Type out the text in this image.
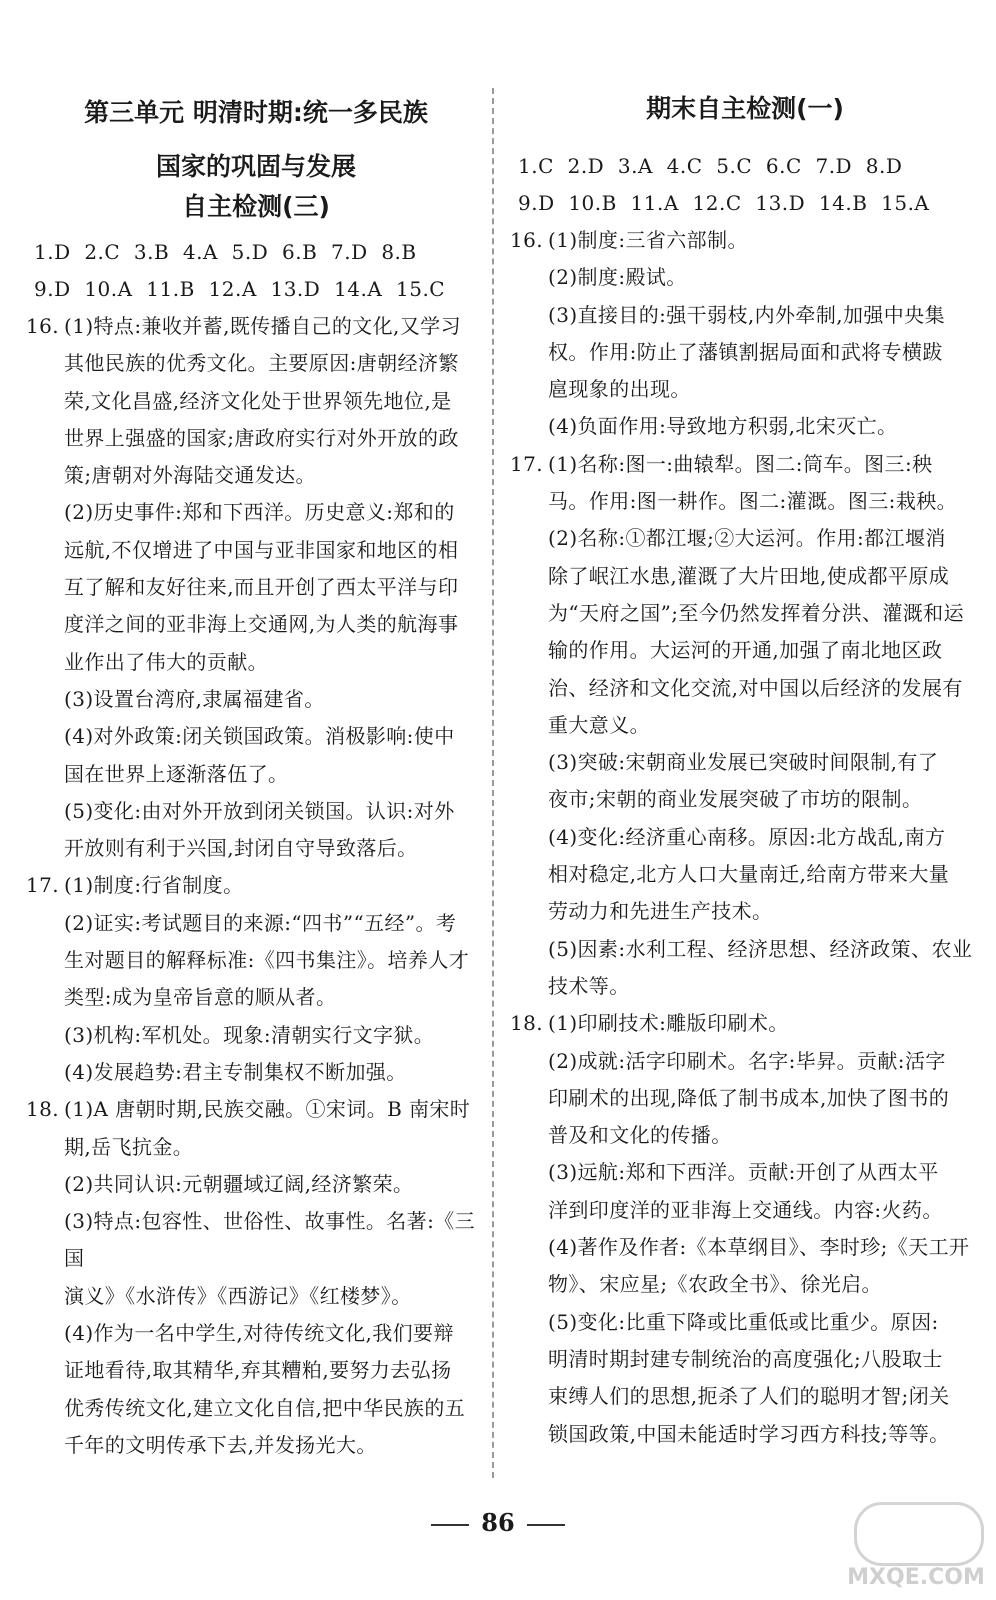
第三单元 明清时期:统一多民族
国家的巩固与发展
自主检测(三)
1.D  2.C  3.B  4.A  5.D  6.B  7.D  8.B
9.D  10.A  11.B  12.A  13.D  14.A  15.C
16. (1)特点:兼收并蓄,既传播自己的文化,又学习
其他民族的优秀文化。主要原因:唐朝经济繁
荣,文化昌盛,经济文化处于世界领先地位,是
世界上强盛的国家;唐政府实行对外开放的政
策;唐朝对外海陆交通发达。
(2)历史事件:郑和下西洋。历史意义:郑和的
远航,不仅增进了中国与亚非国家和地区的相
互了解和友好往来,而且开创了西太平洋与印
度洋之间的亚非海上交通网,为人类的航海事
业作出了伟大的贡献。
(3)设置台湾府,隶属福建省。
(4)对外政策:闭关锁国政策。消极影响:使中
国在世界上逐渐落伍了。
(5)变化:由对外开放到闭关锁国。认识:对外
开放则有利于兴国,封闭自守导致落后。
17. (1)制度:行省制度。
(2)证实:考试题目的来源:“四书”“五经”。考
生对题目的解释标准:《四书集注》。培养人才
类型:成为皇帝旨意的顺从者。
(3)机构:军机处。现象:清朝实行文字狱。
(4)发展趋势:君主专制集权不断加强。
18. (1)A 唐朝时期,民族交融。①宋词。B 南宋时
期,岳飞抗金。
(2)共同认识:元朝疆域辽阔,经济繁荣。
(3)特点:包容性、世俗性、故事性。名著:《三国
演义》《水浒传》《西游记》《红楼梦》。
(4)作为一名中学生,对待传统文化,我们要辩
证地看待,取其精华,弃其糟粕,要努力去弘扬
优秀传统文化,建立文化自信,把中华民族的五
千年的文明传承下去,并发扬光大。
期末自主检测(一)
1.C  2.D  3.A  4.C  5.C  6.C  7.D  8.D
9.D  10.B  11.A  12.C  13.D  14.B  15.A
16. (1)制度:三省六部制。
(2)制度:殿试。
(3)直接目的:强干弱枝,内外牵制,加强中央集
权。作用:防止了藩镇割据局面和武将专横跋
扈现象的出现。
(4)负面作用:导致地方积弱,北宋灭亡。
17. (1)名称:图一:曲辕犁。图二:筒车。图三:秧
马。作用:图一耕作。图二:灌溉。图三:栽秧。
(2)名称:①都江堰;②大运河。作用:都江堰消
除了岷江水患,灌溉了大片田地,使成都平原成
为“天府之国”;至今仍然发挥着分洪、灌溉和运
输的作用。大运河的开通,加强了南北地区政
治、经济和文化交流,对中国以后经济的发展有
重大意义。
(3)突破:宋朝商业发展已突破时间限制,有了
夜市;宋朝的商业发展突破了市坊的限制。
(4)变化:经济重心南移。原因:北方战乱,南方
相对稳定,北方人口大量南迁,给南方带来大量
劳动力和先进生产技术。
(5)因素:水利工程、经济思想、经济政策、农业
技术等。
18. (1)印刷技术:雕版印刷术。
(2)成就:活字印刷术。名字:毕昇。贡献:活字
印刷术的出现,降低了制书成本,加快了图书的
普及和文化的传播。
(3)远航:郑和下西洋。贡献:开创了从西太平
洋到印度洋的亚非海上交通线。内容:火药。
(4)著作及作者:《本草纲目》、李时珍;《天工开
物》、宋应星;《农政全书》、徐光启。
(5)变化:比重下降或比重低或比重少。原因:
明清时期封建专制统治的高度强化;八股取士
束缚人们的思想,扼杀了人们的聪明才智;闭关
锁国政策,中国未能适时学习西方科技;等等。
86
MXQE.COM
